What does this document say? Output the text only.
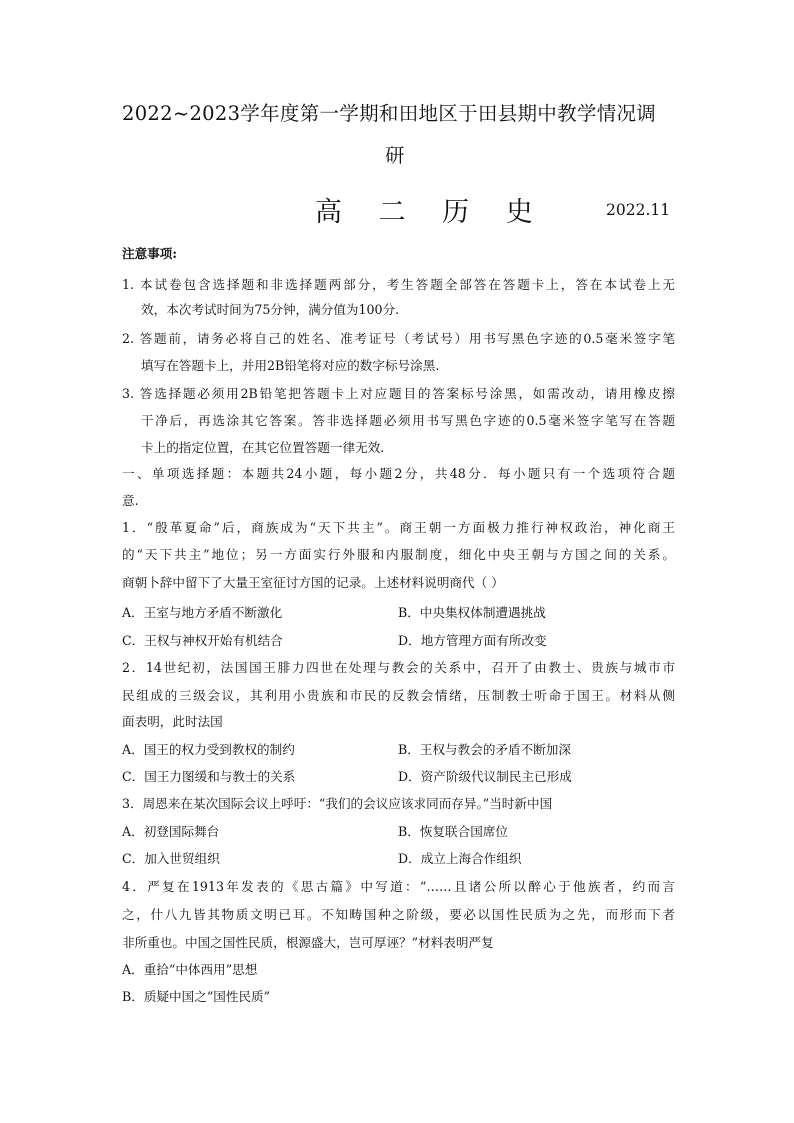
2022~2023学年度第一学期和田地区于田县期中教学情况调
研
高 二 历 史	2022.11
注意事项:
1. 本试卷包含选择题和非选择题两部分，考生答题全部答在答题卡上，答在本试卷上无
效，本次考试时间为75分钟，满分值为100分.
2. 答题前，请务必将自己的姓名、准考证号（考试号）用书写黑色字迹的0.5毫米签字笔
填写在答题卡上，并用2B铅笔将对应的数字标号涂黑.
3. 答选择题必须用2B铅笔把答题卡上对应题目的答案标号涂黑，如需改动，请用橡皮擦
干净后，再选涂其它答案。答非选择题必须用书写黑色字迹的0.5毫米签字笔写在答题
卡上的指定位置，在其它位置答题一律无效.
一、单项选择题：本题共24小题，每小题2分，共48分．每小题只有一个选项符合题
意.
1．“殷革夏命”后，商族成为“天下共主”。商王朝一方面极力推行神权政治，神化商王
的“天下共主”地位；另一方面实行外服和内服制度，细化中央王朝与方国之间的关系。
商朝卜辞中留下了大量王室征讨方国的记录。上述材料说明商代（ ）
A．王室与地方矛盾不断激化	B．中央集权体制遭遇挑战
C．王权与神权开始有机结合	D．地方管理方面有所改变
2．14世纪初，法国国王腓力四世在处理与教会的关系中，召开了由教士、贵族与城市市
民组成的三级会议，其利用小贵族和市民的反教会情绪，压制教士听命于国王。材料从侧
面表明，此时法国
A．国王的权力受到教权的制约	B．王权与教会的矛盾不断加深
C．国王力图缓和与教士的关系	D．资产阶级代议制民主已形成
3．周恩来在某次国际会议上呼吁：“我们的会议应该求同而存异。”当时新中国
A．初登国际舞台	B．恢复联合国席位
C．加入世贸组织	D．成立上海合作组织
4．严复在1913年发表的《思古篇》中写道：“……且诸公所以醉心于他族者，约而言
之，什八九皆其物质文明已耳。不知畴国种之阶级，要必以国性民质为之先，而形而下者
非所重也。中国之国性民质，根源盛大，岂可厚诬？”材料表明严复
A．重拾“中体西用”思想
B．质疑中国之“国性民质”
